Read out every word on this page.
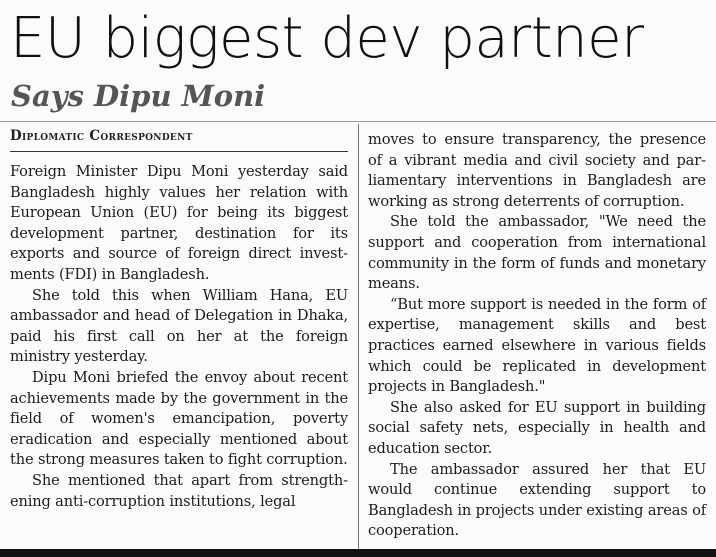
EU biggest dev partner
Says Dipu Moni
Diplomatic Correspondent

Foreign Minister Dipu Moni yesterday said Bangladesh highly values her relation with European Union (EU) for being its biggest development partner, destination for its exports and source of foreign direct investments (FDI) in Bangladesh.

She told this when William Hana, EU ambassador and head of Delegation in Dhaka, paid his first call on her at the foreign ministry yesterday.

Dipu Moni briefed the envoy about recent achievements made by the government in the field of women's emancipation, poverty eradication and especially mentioned about the strong measures taken to fight corruption.

She mentioned that apart from strengthening anti-corruption institutions, legal

moves to ensure transparency, the presence of a vibrant media and civil society and parliamentary interventions in Bangladesh are working as strong deterrents of corruption.

She told the ambassador, "We need the support and cooperation from international community in the form of funds and monetary means.

“But more support is needed in the form of expertise, management skills and best practices earned elsewhere in various fields which could be replicated in development projects in Bangladesh."

She also asked for EU support in building social safety nets, especially in health and education sector.

The ambassador assured her that EU would continue extending support to Bangladesh in projects under existing areas of cooperation.
